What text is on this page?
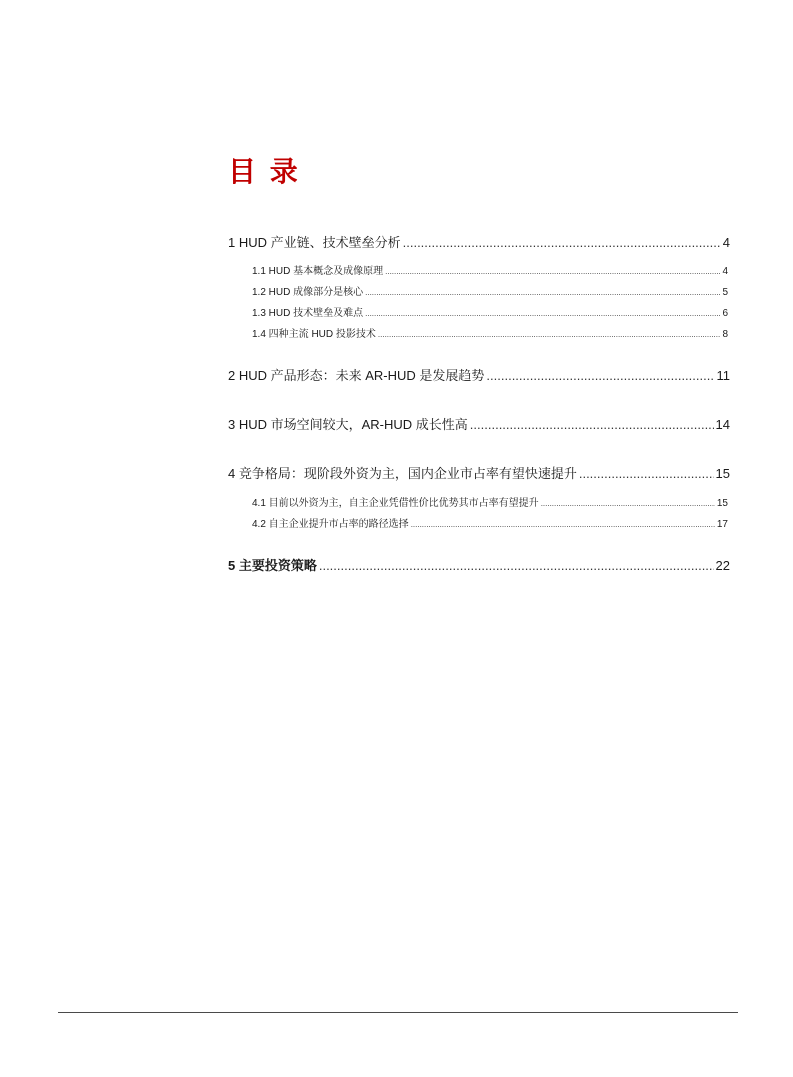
目 录
1 HUD 产业链、技术壁垒分析 .....	4
1.1 HUD 基本概念及成像原理 .....	4
1.2 HUD 成像部分是核心 .....	5
1.3 HUD 技术壁垒及难点 .....	6
1.4 四种主流 HUD 投影技术 .....	8
2 HUD 产品形态：未来 AR-HUD 是发展趋势 .....	11
3 HUD 市场空间较大，AR-HUD 成长性高 .....	14
4 竞争格局：现阶段外资为主，国内企业市占率有望快速提升 .....	15
4.1 目前以外资为主，自主企业凭借性价比优势其市占率有望提升 .....	15
4.2 自主企业提升市占率的路径选择 .....	17
5 主要投资策略 .....	22
